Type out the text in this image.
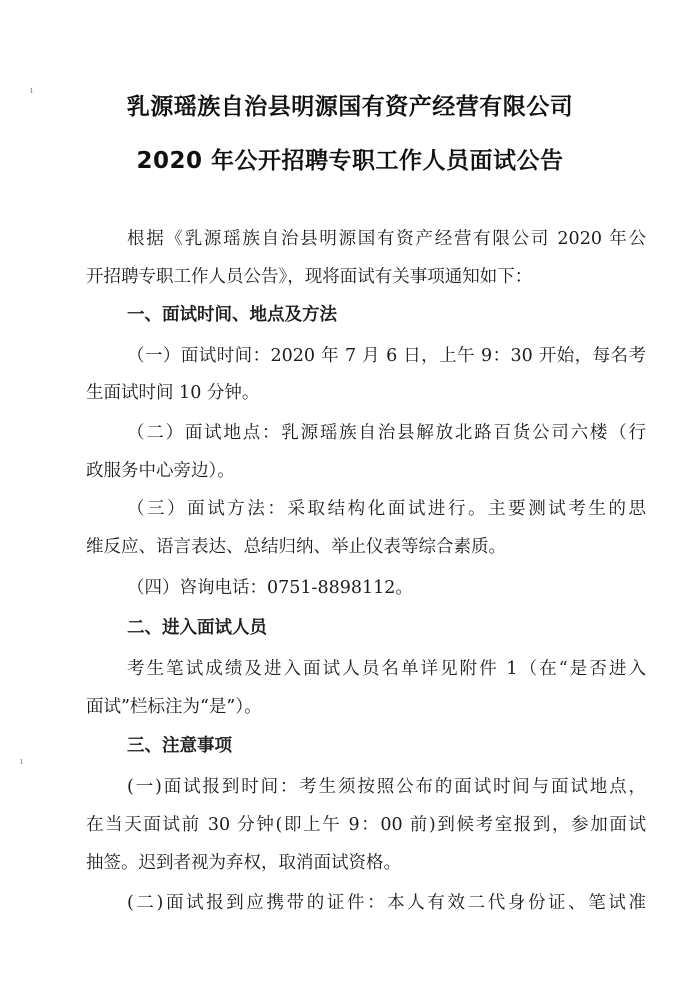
ı
ı
乳源瑶族自治县明源国有资产经营有限公司
2020 年公开招聘专职工作人员面试公告
根据《乳源瑶族自治县明源国有资产经营有限公司 2020 年公
开招聘专职工作人员公告》，现将面试有关事项通知如下：
一、面试时间、地点及方法
（一）面试时间：2020 年 7 月 6 日，上午 9：30 开始，每名考
生面试时间 10 分钟。
（二）面试地点：乳源瑶族自治县解放北路百货公司六楼（行
政服务中心旁边）。
（三）面试方法：采取结构化面试进行。主要测试考生的思
维反应、语言表达、总结归纳、举止仪表等综合素质。
（四）咨询电话：0751-8898112。
二、进入面试人员
考生笔试成绩及进入面试人员名单详见附件 1（在“是否进入
面试”栏标注为“是”）。
三、注意事项
(一)面试报到时间：考生须按照公布的面试时间与面试地点，
在当天面试前 30 分钟(即上午 9：00 前)到候考室报到，参加面试
抽签。迟到者视为弃权，取消面试资格。
(二)面试报到应携带的证件：本人有效二代身份证、笔试准
